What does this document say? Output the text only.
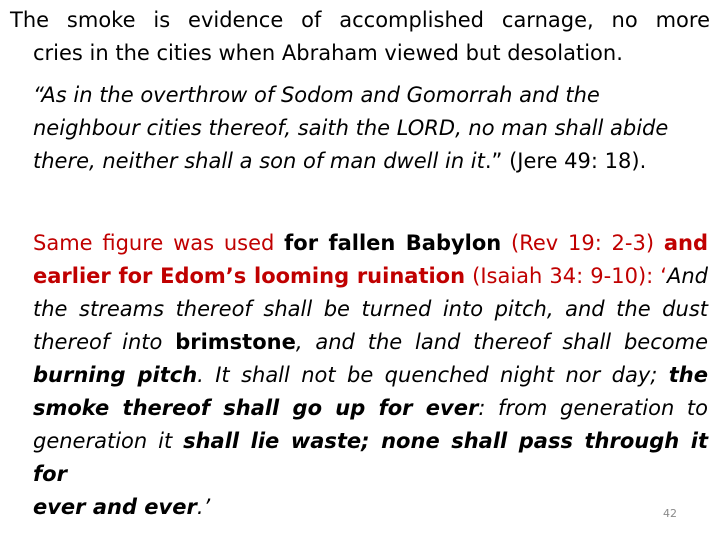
The smoke is evidence of accomplished carnage, no more
cries in the cities when Abraham viewed but desolation.
“As in the overthrow of Sodom and Gomorrah and the
neighbour cities thereof, saith the LORD, no man shall abide
there, neither shall a son of man dwell in it.” (Jere 49: 18).
Same figure was used for fallen Babylon (Rev 19: 2-3) and
earlier for Edom’s looming ruination (Isaiah 34: 9-10): ‘And
the streams thereof shall be turned into pitch, and the dust
thereof into brimstone, and the land thereof shall become
burning pitch. It shall not be quenched night nor day; the
smoke thereof shall go up for ever: from generation to
generation it shall lie waste; none shall pass through it for
ever and ever.’	42
